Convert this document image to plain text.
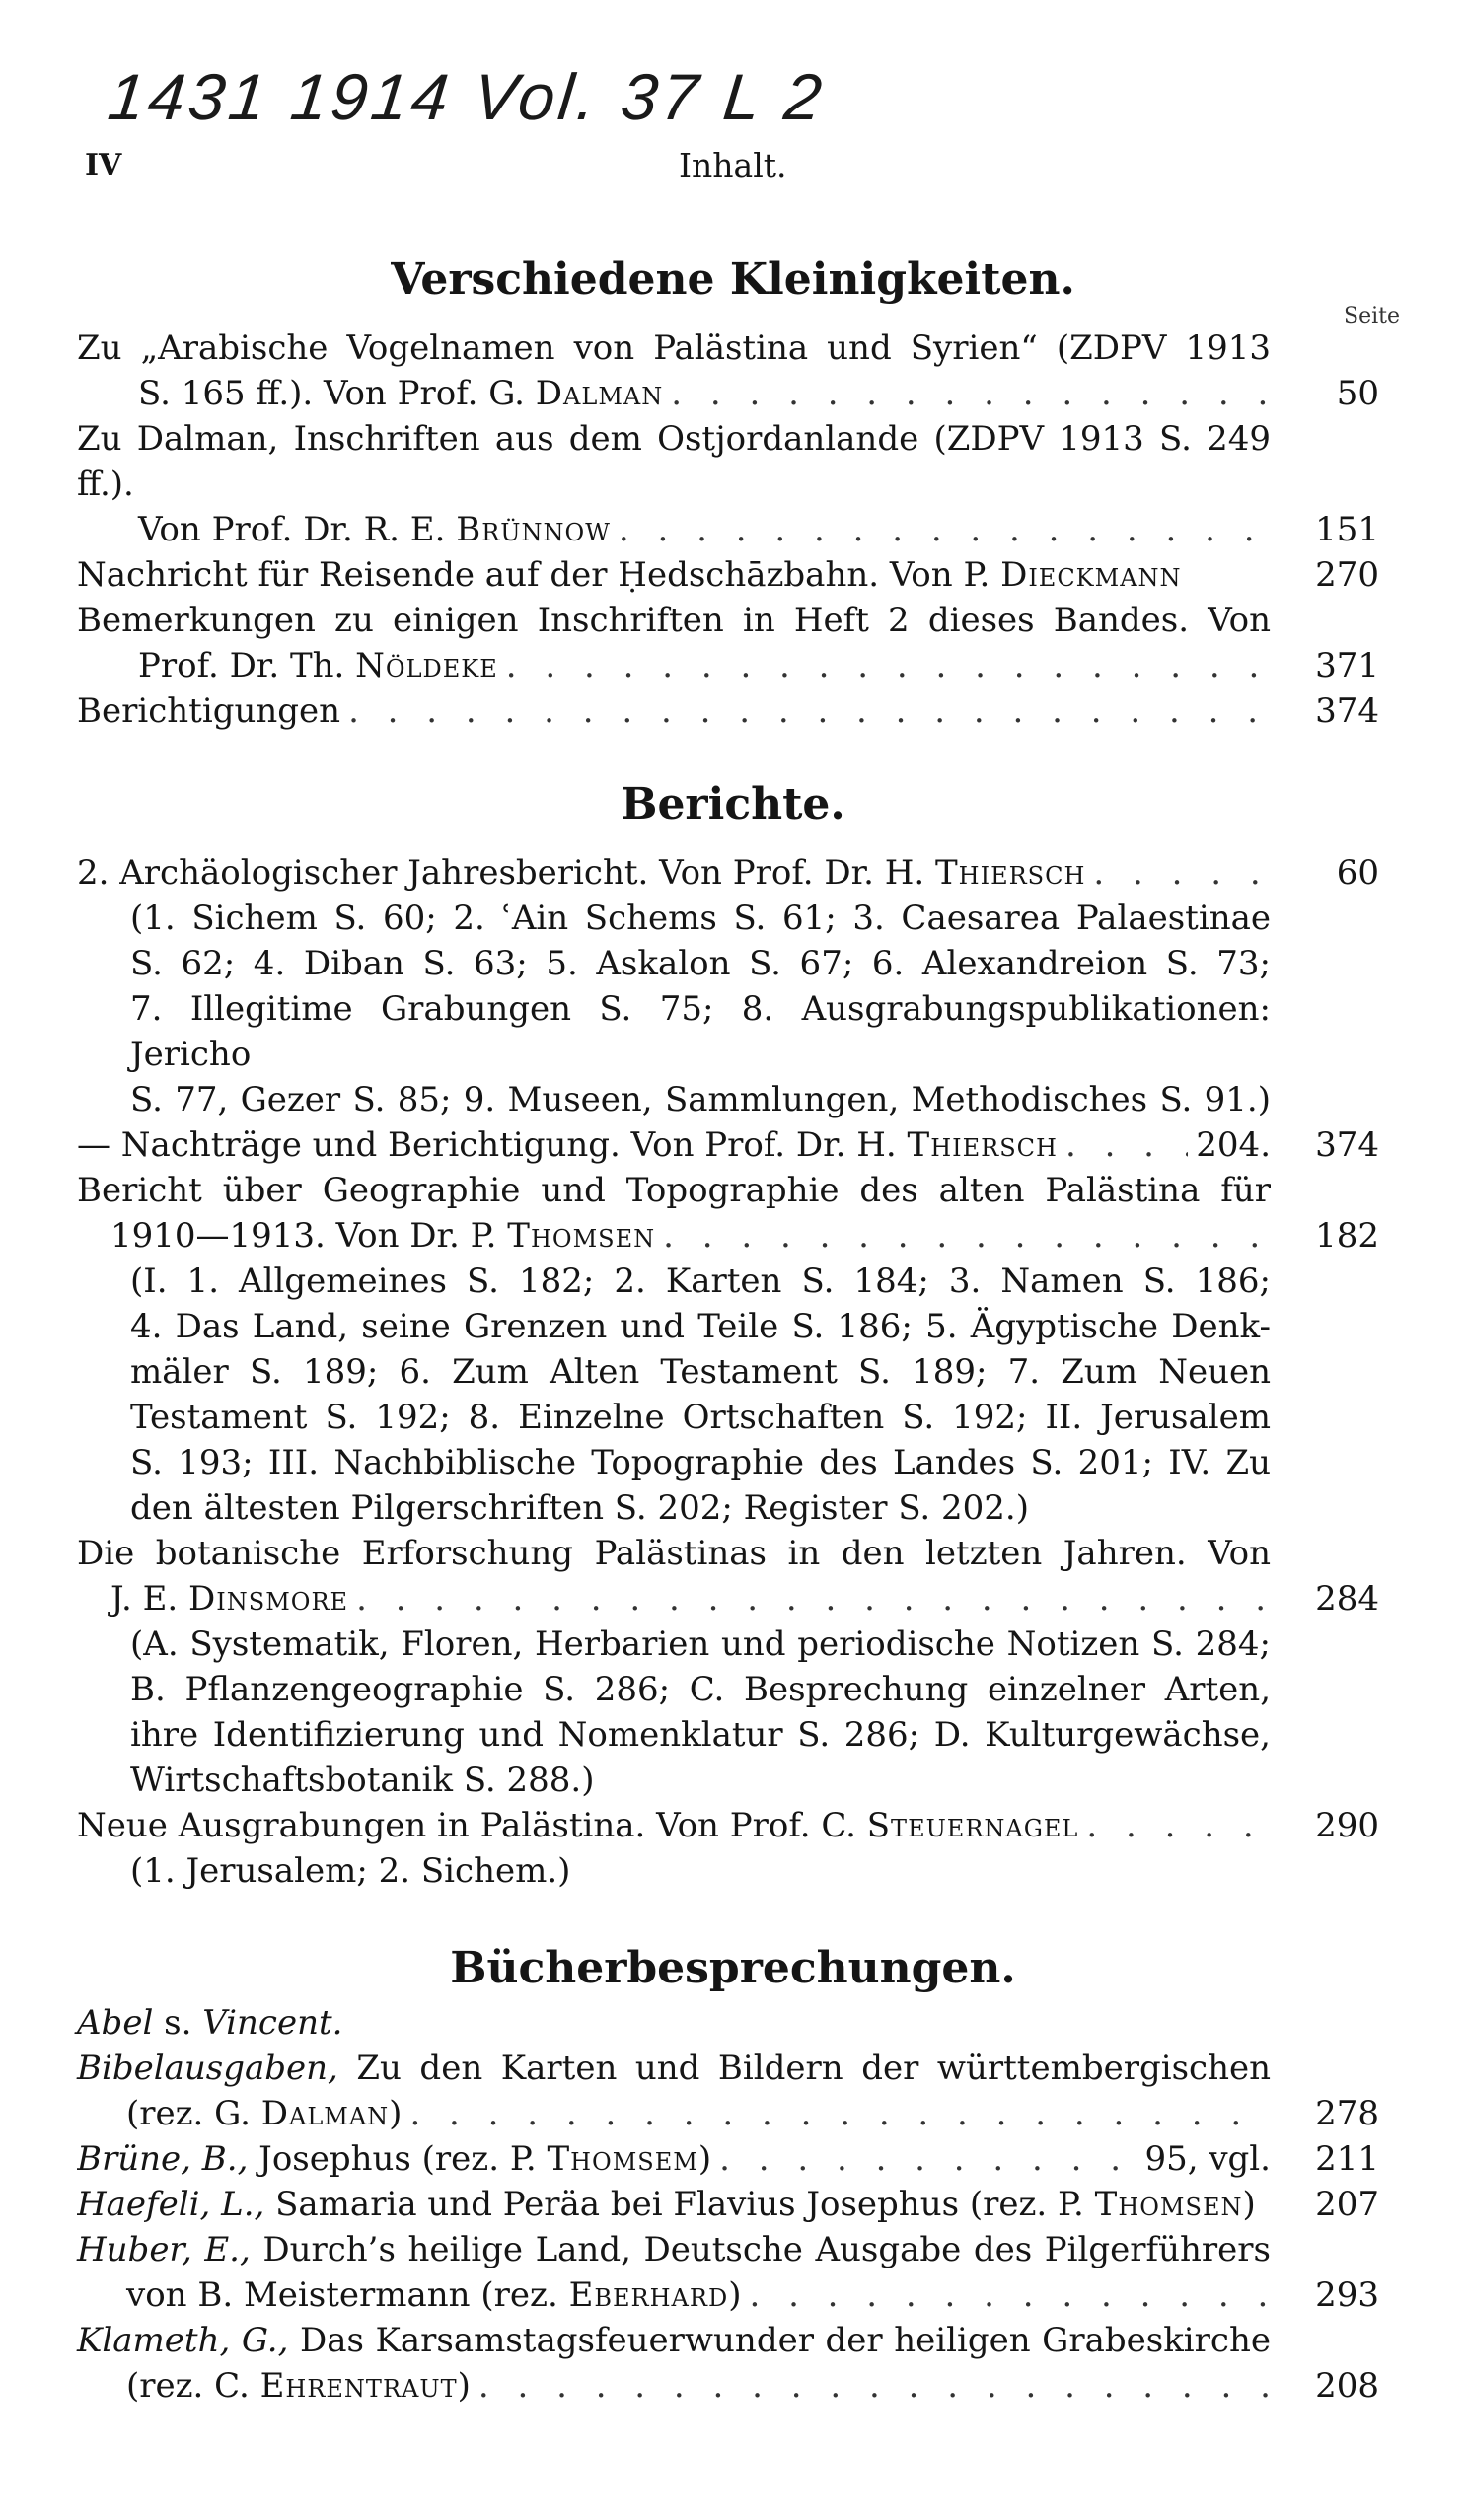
1431 1914 Vol. 37 L 2
IV	Inhalt.
Verschiedene Kleinigkeiten.
Seite
Zu „Arabische Vogelnamen von Palästina und Syrien“ (ZDPV 1913
S. 165 ff.). Von Prof. G. Dalman . . .	50
Zu Dalman, Inschriften aus dem Ostjordanlande (ZDPV 1913 S. 249 ff.).
Von Prof. Dr. R. E. Brünnow . . .	151
Nachricht für Reisende auf der Ḥedschāzbahn. Von P. Dieckmann	270
Bemerkungen zu einigen Inschriften in Heft 2 dieses Bandes. Von
Prof. Dr. Th. Nöldeke . . .	371
Berichtigungen . . .	374
Berichte.
2. Archäologischer Jahresbericht. Von Prof. Dr. H. Thiersch . . .	60
(1. Sichem S. 60; 2. ʿAin Schems S. 61; 3. Caesarea Palaestinae
S. 62; 4. Diban S. 63; 5. Askalon S. 67; 6. Alexandreion S. 73;
7. Illegitime Grabungen S. 75; 8. Ausgrabungspublikationen: Jericho
S. 77, Gezer S. 85; 9. Museen, Sammlungen, Methodisches S. 91.)
— Nachträge und Berichtigung. Von Prof. Dr. H. Thiersch . . .	204.	374
Bericht über Geographie und Topographie des alten Palästina für
1910—1913. Von Dr. P. Thomsen . . .	182
(I. 1. Allgemeines S. 182; 2. Karten S. 184; 3. Namen S. 186;
4. Das Land, seine Grenzen und Teile S. 186; 5. Ägyptische Denk-
mäler S. 189; 6. Zum Alten Testament S. 189; 7. Zum Neuen
Testament S. 192; 8. Einzelne Ortschaften S. 192; II. Jerusalem
S. 193; III. Nachbiblische Topographie des Landes S. 201; IV. Zu
den ältesten Pilgerschriften S. 202; Register S. 202.)
Die botanische Erforschung Palästinas in den letzten Jahren. Von
J. E. Dinsmore . . .	284
(A. Systematik, Floren, Herbarien und periodische Notizen S. 284;
B. Pflanzengeographie S. 286; C. Besprechung einzelner Arten,
ihre Identifizierung und Nomenklatur S. 286; D. Kulturgewächse,
Wirtschaftsbotanik S. 288.)
Neue Ausgrabungen in Palästina. Von Prof. C. Steuernagel . . .	290
(1. Jerusalem; 2. Sichem.)
Bücherbesprechungen.
Abel s. Vincent.
Bibelausgaben, Zu den Karten und Bildern der württembergischen
(rez. G. Dalman) . . .	278
Brüne, B., Josephus (rez. P. Thomsem) . . .	95, vgl.	211
Haefeli, L., Samaria und Peräa bei Flavius Josephus (rez. P. Thomsen)	207
Huber, E., Durch’s heilige Land, Deutsche Ausgabe des Pilgerführers
von B. Meistermann (rez. Eberhard) . . .	293
Klameth, G., Das Karsamstagsfeuerwunder der heiligen Grabeskirche
(rez. C. Ehrentraut) . . .	208
